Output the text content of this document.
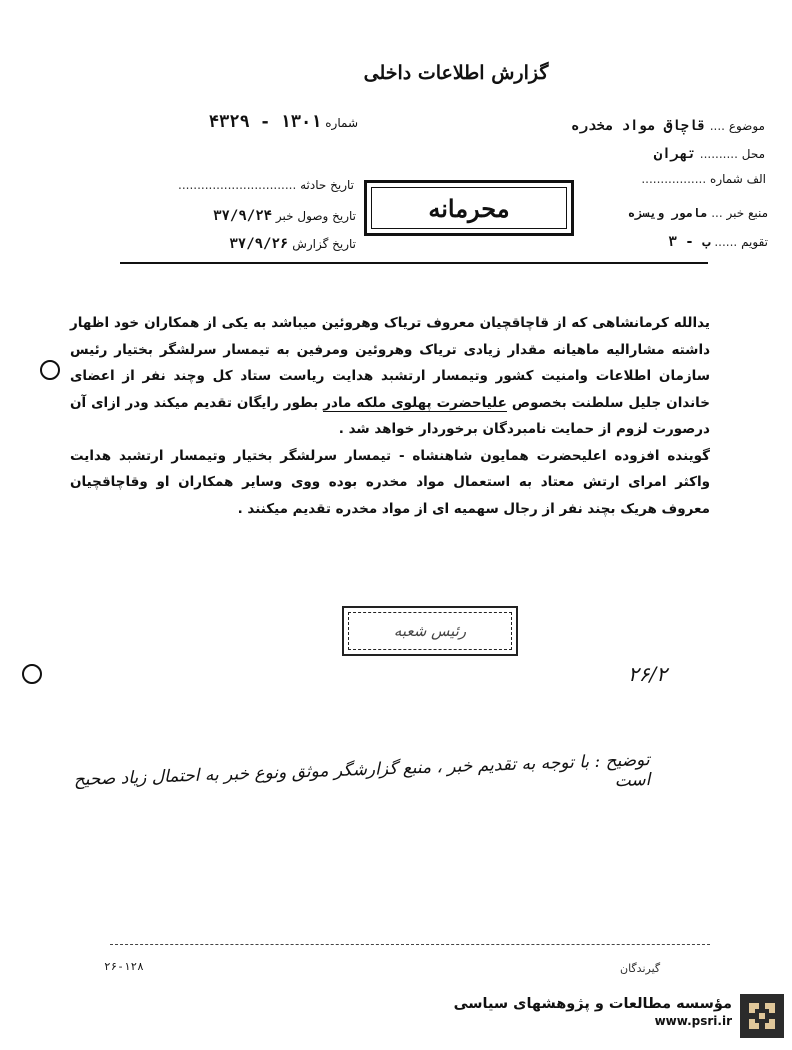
گزارش اطلاعات داخلی
شماره ۱۳۰۱ - ۴۳۲۹
تاریخ حادثه ...............................
تاریخ وصول خبر ۳۷/۹/۲۴
تاریخ گزارش ۳۷/۹/۲۶
موضوع .... قاچاق مواد مخدره
محل .......... تهران
الف شماره .................
منبع خبر ... مامور ویسزه
تقویم ...... ب - ۳
محرمانه

یدالله کرمانشاهی که از قاچاقچیان معروف تریاک وهروئین میباشد به یکی از همکاران خود اظهار داشته مشارالیه ماهیانه مقدار زیادی تریاک وهروئین ومرفین به تیمسار سرلشگر بختیار رئیس سازمان اطلاعات وامنیت کشور وتیمسار ارتشبد هدایت ریاست ستاد کل وچند نفر از اعضای خاندان جلیل سلطنت بخصوص علیاحضرت پهلوی ملکه مادر بطور رایگان تقدیم میکند ودر ازای آن درصورت لزوم از حمایت نامبردگان برخوردار خواهد شد .

گوینده افزوده اعلیحضرت همایون شاهنشاه - تیمسار سرلشگر بختیار وتیمسار ارتشبد هدایت واکثر امرای ارتش معتاد به استعمال مواد مخدره بوده ووی وسایر همکاران او وقاچاقچیان معروف هریک بچند نفر از رجال سهمیه ای از مواد مخدره تقدیم میکنند .

رئیس شعبه
۲۶/۲
توضیح : با توجه به تقدیم خبر ، منبع گزارشگر موثق ونوع خبر به احتمال زیاد صحیح است
۲۶-۱۲۸	گیرندگان
مؤسسه مطالعات و پژوهشهای سیاسی
www.psri.ir
